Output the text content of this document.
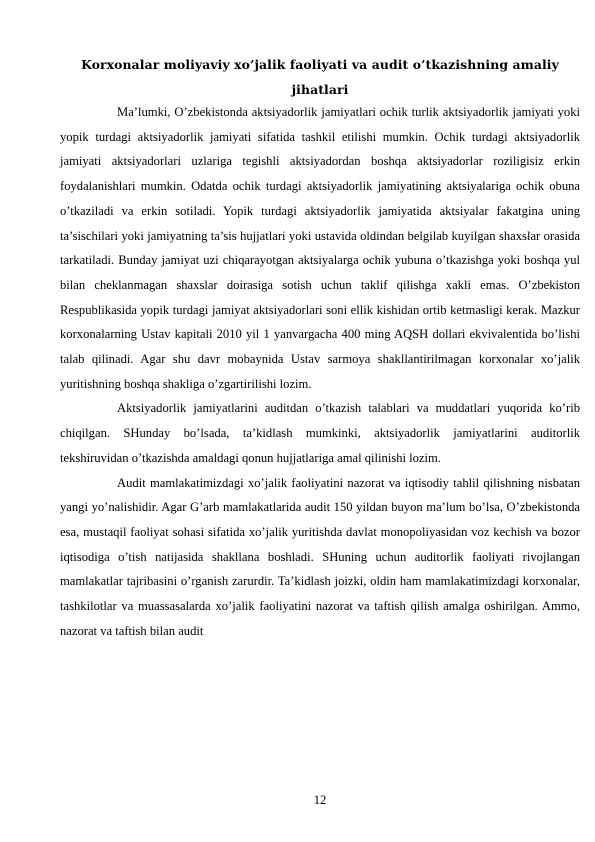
Korxonalar moliyaviy xo’jalik faoliyati va audit o’tkazishning amaliy jihatlari

Ma’lumki, O’zbekistonda aktsiyadorlik jamiyatlari ochik turlik aktsiyadorlik jamiyati yoki yopik turdagi aktsiyadorlik jamiyati sifatida tashkil etilishi mumkin. Ochik turdagi aktsiyadorlik jamiyati aktsiyadorlari uzlariga tegishli aktsiyadordan boshqa aktsiyadorlar roziligisiz erkin foydalanishlari mumkin. Odatda ochik turdagi aktsiyadorlik jamiyatining aktsiyalariga ochik obuna o’tkaziladi va erkin sotiladi. Yopik turdagi aktsiyadorlik jamiyatida aktsiyalar fakatgina uning ta’sischilari yoki jamiyatning ta’sis hujjatlari yoki ustavida oldindan belgilab kuyilgan shaxslar orasida tarkatiladi. Bunday jamiyat uzi chiqarayotgan aktsiyalarga ochik yubuna o’tkazishga yoki boshqa yul bilan cheklanmagan shaxslar doirasiga sotish uchun taklif qilishga xakli emas. O’zbekiston Respublikasida yopik turdagi jamiyat aktsiyadorlari soni ellik kishidan ortib ketmasligi kerak. Mazkur korxonalarning Ustav kapitali 2010 yil 1 yanvargacha 400 ming AQSH dollari ekvivalentida bo’lishi talab qilinadi. Agar shu davr mobaynida Ustav sarmoya shakllantirilmagan korxonalar xo’jalik yuritishning boshqa shakliga o’zgartirilishi lozim.

Aktsiyadorlik jamiyatlarini auditdan o’tkazish talablari va muddatlari yuqorida ko’rib chiqilgan. SHunday bo’lsada, ta’kidlash mumkinki, aktsiyadorlik jamiyatlarini auditorlik tekshiruvidan o’tkazishda amaldagi qonun hujjatlariga amal qilinishi lozim.

Audit mamlakatimizdagi xo’jalik faoliyatini nazorat va iqtisodiy tahlil qilishning nisbatan yangi yo’nalishidir. Agar G’arb mamlakatlarida audit 150 yildan buyon ma’lum bo’lsa, O’zbekistonda esa, mustaqil faoliyat sohasi sifatida xo’jalik yuritishda davlat monopoliyasidan voz kechish va bozor iqtisodiga o’tish natijasida shakllana boshladi. SHuning uchun auditorlik faoliyati rivojlangan mamlakatlar tajribasini o’rganish zarurdir. Ta’kidlash joizki, oldin ham mamlakatimizdagi korxonalar, tashkilotlar va muassasalarda xo’jalik faoliyatini nazorat va taftish qilish amalga oshirilgan. Ammo, nazorat va taftish bilan audit

12
